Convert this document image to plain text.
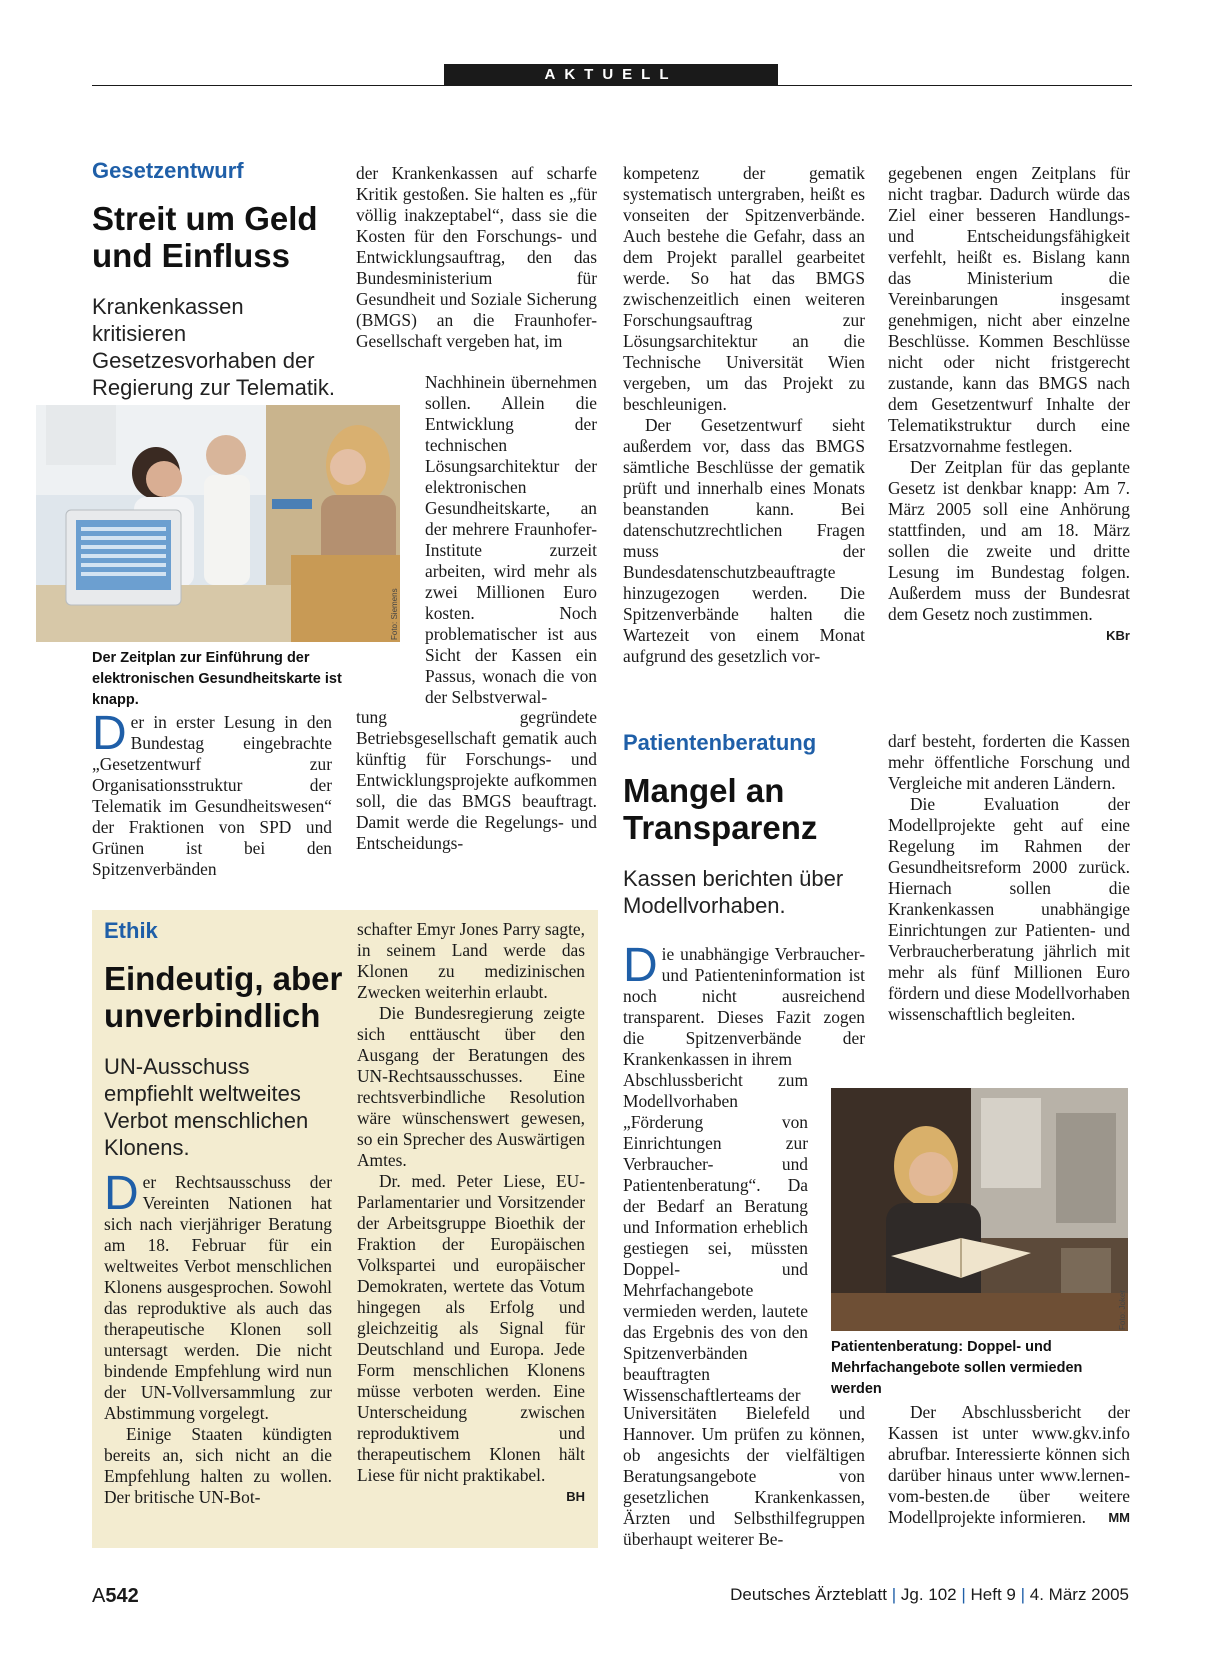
AKTUELL
Gesetzentwurf
Streit um Geld
und Einfluss
Krankenkassen kritisieren Gesetzesvorhaben der Regierung zur Telematik.
Foto: Siemens
Der Zeitplan zur Einführung der elektronischen Gesundheitskarte ist knapp.

Der in erster Lesung in den Bundestag eingebrachte „Gesetzentwurf zur Organisationsstruktur der Telematik im Gesundheitswesen“ der Fraktionen von SPD und Grünen ist bei den Spitzenverbänden

der Krankenkassen auf scharfe Kritik gestoßen. Sie halten es „für völlig inakzeptabel“, dass sie die Kosten für den Forschungs- und Entwicklungsauftrag, den das Bundesministerium für Gesundheit und Soziale Sicherung (BMGS) an die Fraunhofer-Gesellschaft vergeben hat, im
Nachhinein übernehmen sollen. Allein die Entwicklung der technischen Lösungsarchitektur der elektronischen Gesundheitskarte, an der mehrere Fraunhofer-Institute zurzeit arbeiten, wird mehr als zwei Millionen Euro kosten. Noch problematischer ist aus Sicht der Kassen ein Passus, wonach die von der Selbstverwal-
tung gegründete Betriebsgesellschaft gematik auch künftig für Forschungs- und Entwicklungsprojekte aufkommen soll, die das BMGS beauftragt. Damit werde die Regelungs- und Entscheidungs-

kompetenz der gematik systematisch untergraben, heißt es vonseiten der Spitzenverbände. Auch bestehe die Gefahr, dass an dem Projekt parallel gearbeitet werde. So hat das BMGS zwischenzeitlich einen weiteren Forschungsauftrag zur Lösungsarchitektur an die Technische Universität Wien vergeben, um das Projekt zu beschleunigen.

Der Gesetzentwurf sieht außerdem vor, dass das BMGS sämtliche Beschlüsse der gematik prüft und innerhalb eines Monats beanstanden kann. Bei datenschutzrechtlichen Fragen muss der Bundesdatenschutzbeauftragte hinzugezogen werden. Die Spitzenverbände halten die Wartezeit von einem Monat aufgrund des gesetzlich vor-

gegebenen engen Zeitplans für nicht tragbar. Dadurch würde das Ziel einer besseren Handlungs- und Entscheidungsfähigkeit verfehlt, heißt es. Bislang kann das Ministerium die Vereinbarungen insgesamt genehmigen, nicht aber einzelne Beschlüsse. Kommen Beschlüsse nicht oder nicht fristgerecht zustande, kann das BMGS nach dem Gesetzentwurf Inhalte der Telematikstruktur durch eine Ersatzvornahme festlegen.

Der Zeitplan für das geplante Gesetz ist denkbar knapp: Am 7. März 2005 soll eine Anhörung stattfinden, und am 18. März sollen die zweite und dritte Lesung im Bundestag folgen. Außerdem muss der Bundesrat dem Gesetz noch zustimmen.
KBr

Ethik
Eindeutig, aber
unverbindlich
UN-Ausschuss empfiehlt weltweites Verbot menschlichen Klonens.

Der Rechtsausschuss der Vereinten Nationen hat sich nach vierjähriger Beratung am 18. Februar für ein weltweites Verbot menschlichen Klonens ausgesprochen. Sowohl das reproduktive als auch das therapeutische Klonen soll untersagt werden. Die nicht bindende Empfehlung wird nun der UN-Vollversammlung zur Abstimmung vorgelegt.

Einige Staaten kündigten bereits an, sich nicht an die Empfehlung halten zu wollen. Der britische UN-Bot-

schafter Emyr Jones Parry sagte, in seinem Land werde das Klonen zu medizinischen Zwecken weiterhin erlaubt.

Die Bundesregierung zeigte sich enttäuscht über den Ausgang der Beratungen des UN-Rechtsausschusses. Eine rechtsverbindliche Resolution wäre wünschenswert gewesen, so ein Sprecher des Auswärtigen Amtes.

Dr. med. Peter Liese, EU-Parlamentarier und Vorsitzender der Arbeitsgruppe Bioethik der Fraktion der Europäischen Volkspartei und europäischer Demokraten, wertete das Votum hingegen als Erfolg und gleichzeitig als Signal für Deutschland und Europa. Jede Form menschlichen Klonens müsse verboten werden. Eine Unterscheidung zwischen reproduktivem und therapeutischem Klonen hält Liese für nicht praktikabel.
BH

Patientenberatung
Mangel an
Transparenz
Kassen berichten über Modellvorhaben.

Die unabhängige Verbraucher- und Patienteninformation ist noch nicht ausreichend transparent. Dieses Fazit zogen die Spitzenverbände der Krankenkassen in ihrem

Abschlussbericht zum Modellvorhaben „Förderung von Einrichtungen zur Verbraucher- und Patientenberatung“. Da der Bedarf an Beratung und Information erheblich gestiegen sei, müssten Doppel- und Mehrfachangebote vermieden werden, lautete das Ergebnis des von den Spitzenverbänden beauftragten Wissenschaftlerteams der
Universitäten Bielefeld und Hannover. Um prüfen zu können, ob angesichts der vielfältigen Beratungsangebote von gesetzlichen Krankenkassen, Ärzten und Selbsthilfegruppen überhaupt weiterer Be-

darf besteht, forderten die Kassen mehr öffentliche Forschung und Vergleiche mit anderen Ländern.

Die Evaluation der Modellprojekte geht auf eine Regelung im Rahmen der Gesundheitsreform 2000 zurück. Hiernach sollen die Krankenkassen unabhängige Einrichtungen zur Patienten- und Verbraucherberatung jährlich mit mehr als fünf Millionen Euro fördern und diese Modellvorhaben wissenschaftlich begleiten.

Foto: Joker
Patientenberatung: Doppel- und Mehrfachangebote sollen vermieden werden

Der Abschlussbericht der Kassen ist unter www.gkv.info abrufbar. Interessierte können sich darüber hinaus unter www.lernen-vom-besten.de über weitere Modellprojekte informieren.	MM

A542	Deutsches Ärzteblatt | Jg. 102 | Heft 9 | 4. März 2005
